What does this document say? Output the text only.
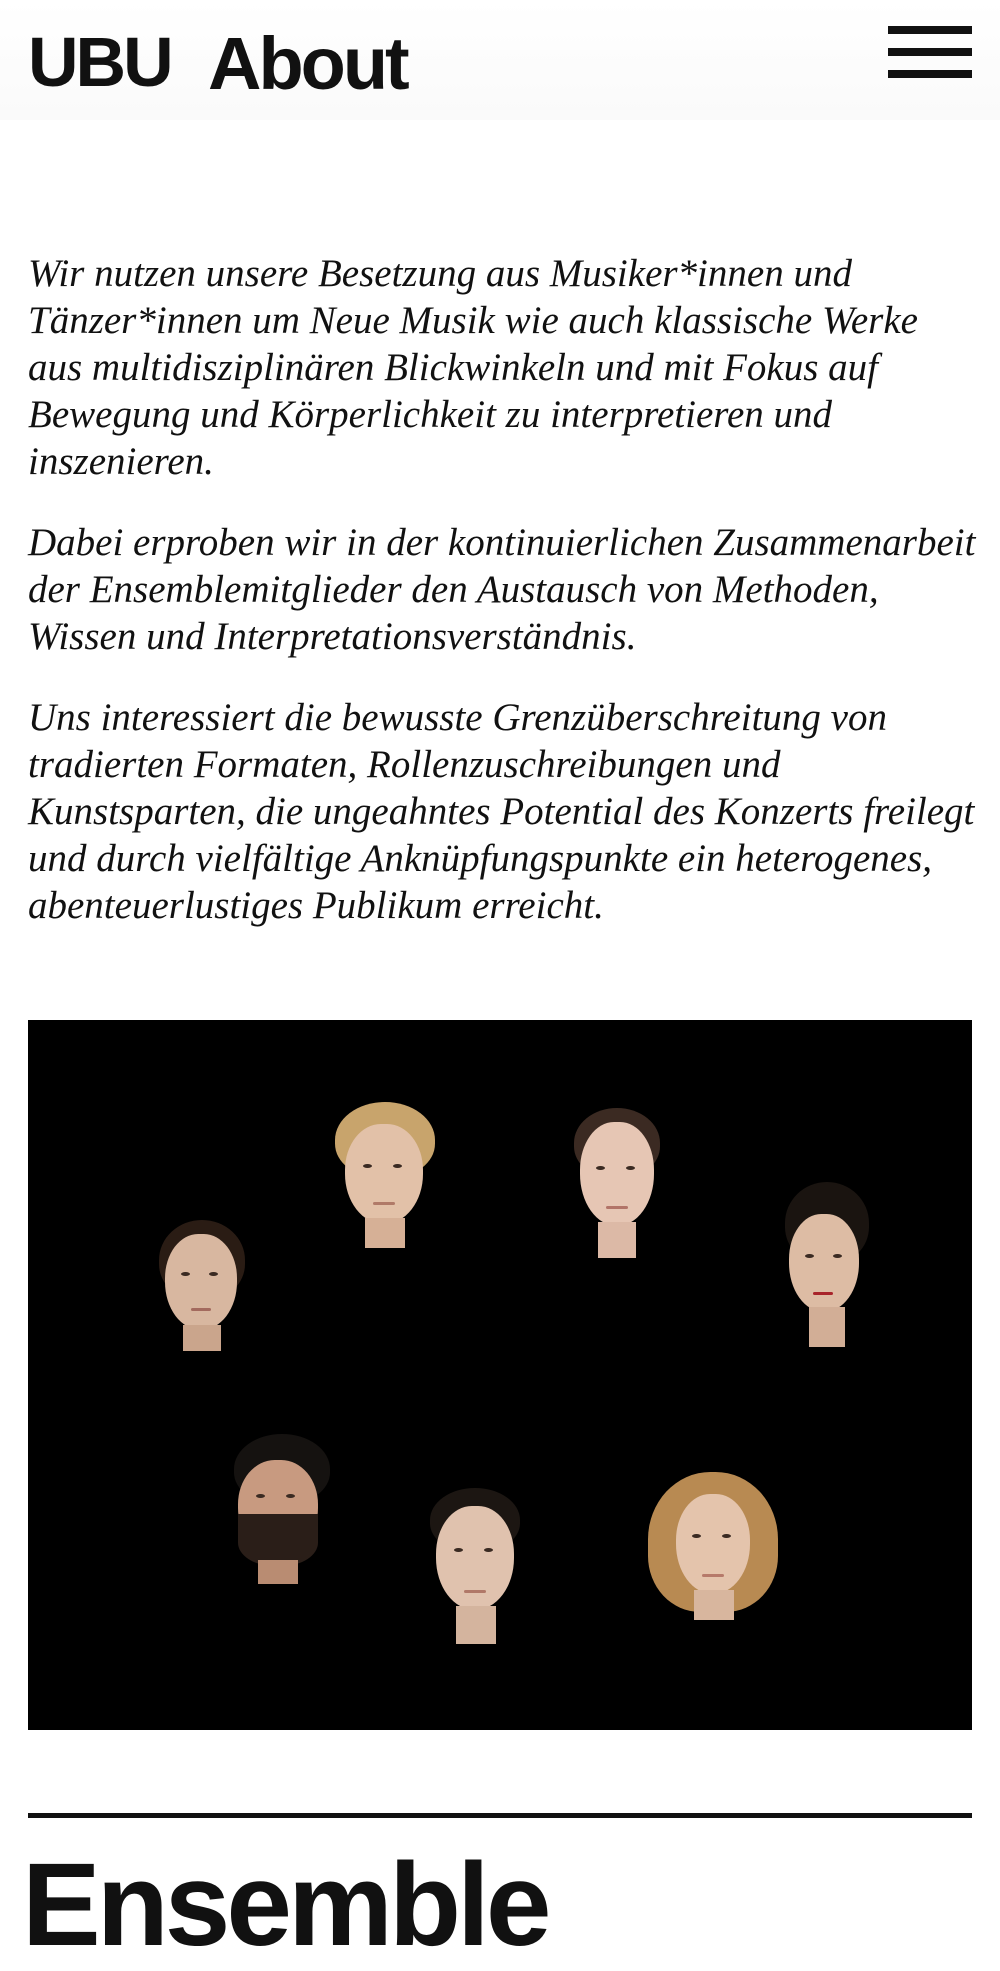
UBU About

Wir nutzen unsere Besetzung aus Musiker*innen und Tänzer*innen um Neue Musik wie auch klassische Werke aus multidisziplinären Blickwinkeln und mit Fokus auf Bewegung und Körperlichkeit zu interpretieren und inszenieren.

Dabei erproben wir in der kontinuierlichen Zusammenarbeit der Ensemblemitglieder den Austausch von Methoden, Wissen und Interpretationsverständnis.

Uns interessiert die bewusste Grenzüberschreitung von tradierten Formaten, Rollenzuschreibungen und Kunstsparten, die ungeahntes Potential des Konzerts freilegt und durch vielfältige Anknüpfungspunkte ein heterogenes, abenteuerlustiges Publikum erreicht.

Ensemble
